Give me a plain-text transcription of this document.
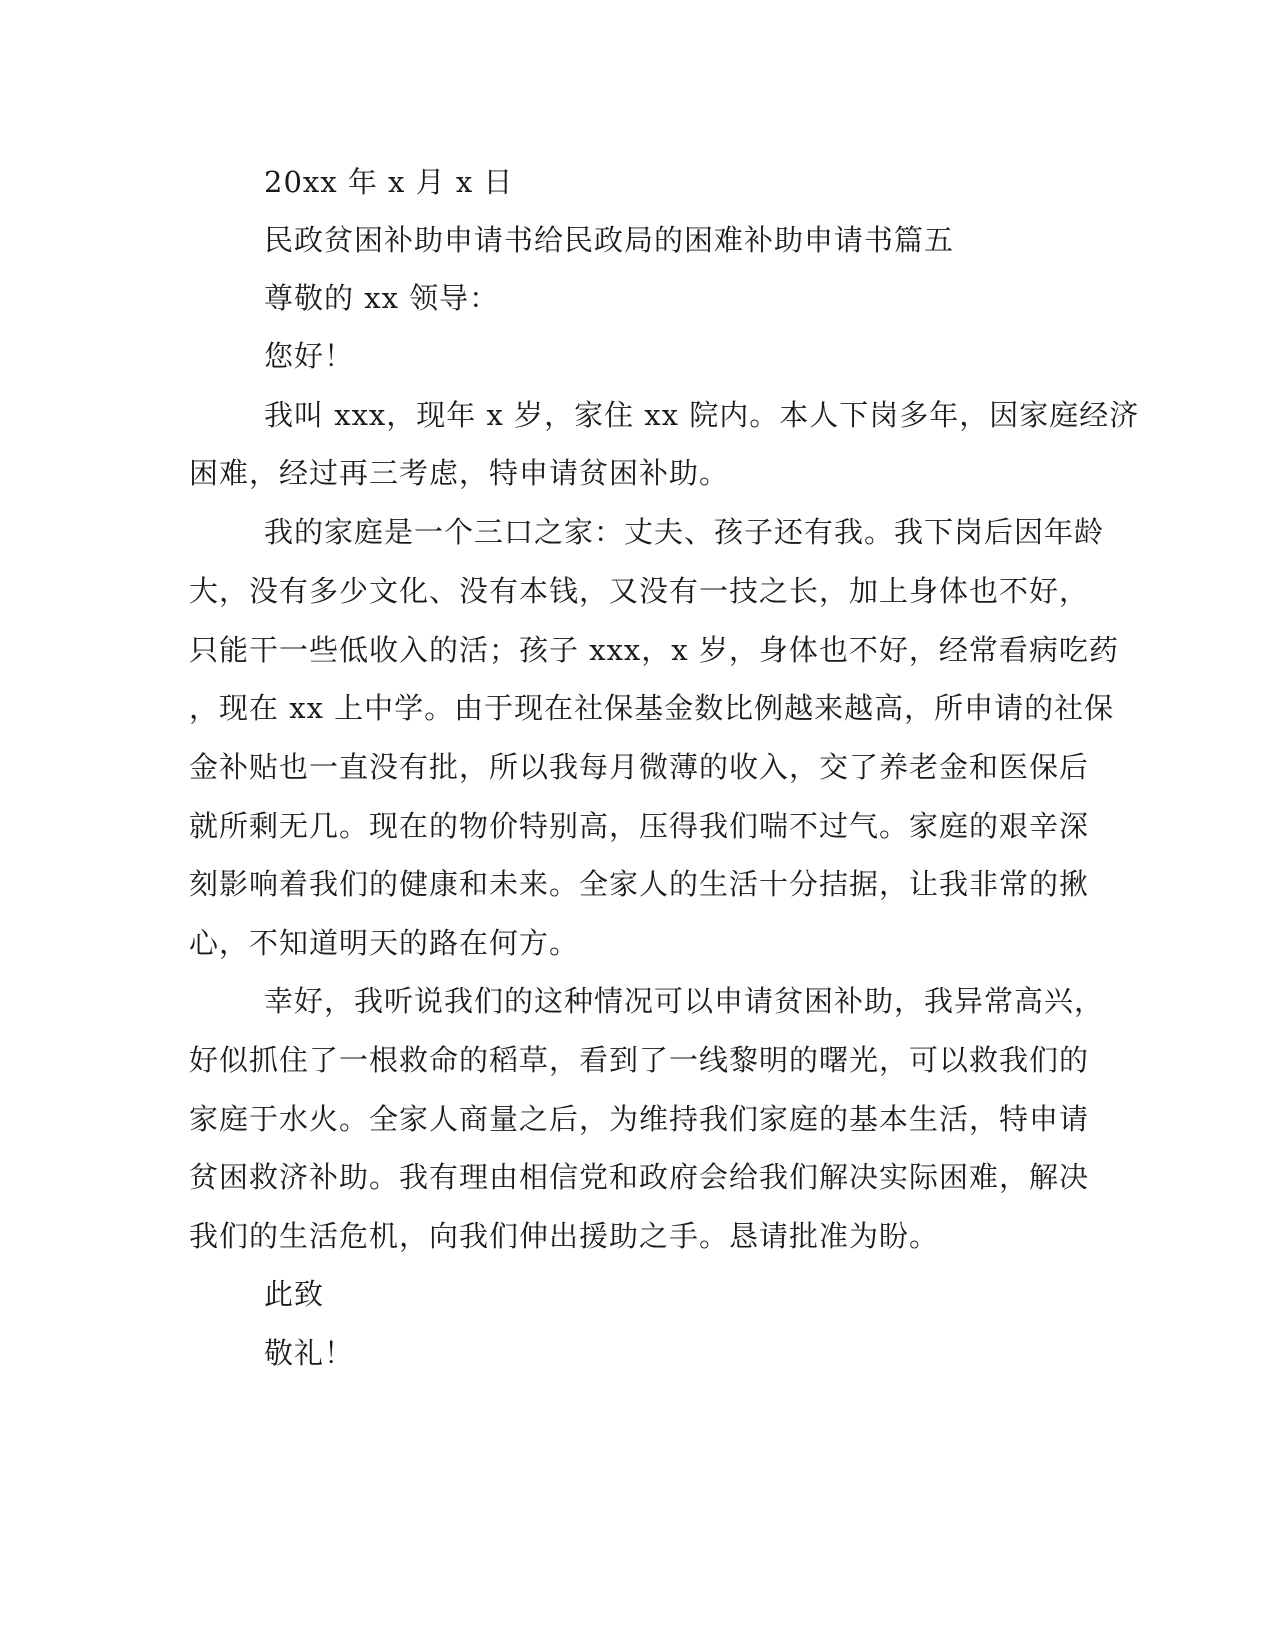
20xx 年 x 月 x 日

民政贫困补助申请书给民政局的困难补助申请书篇五

尊敬的 xx 领导：

您好！

我叫 xxx，现年 x 岁，家住 xx 院内。本人下岗多年，因家庭经济

困难，经过再三考虑，特申请贫困补助。

我的家庭是一个三口之家：丈夫、孩子还有我。我下岗后因年龄

大，没有多少文化、没有本钱，又没有一技之长，加上身体也不好，

只能干一些低收入的活；孩子 xxx，x 岁，身体也不好，经常看病吃药

，现在 xx 上中学。由于现在社保基金数比例越来越高，所申请的社保

金补贴也一直没有批，所以我每月微薄的收入，交了养老金和医保后

就所剩无几。现在的物价特别高，压得我们喘不过气。家庭的艰辛深

刻影响着我们的健康和未来。全家人的生活十分拮据，让我非常的揪

心，不知道明天的路在何方。

幸好，我听说我们的这种情况可以申请贫困补助，我异常高兴，

好似抓住了一根救命的稻草，看到了一线黎明的曙光，可以救我们的

家庭于水火。全家人商量之后，为维持我们家庭的基本生活，特申请

贫困救济补助。我有理由相信党和政府会给我们解决实际困难，解决

我们的生活危机，向我们伸出援助之手。恳请批准为盼。

此致

敬礼！
